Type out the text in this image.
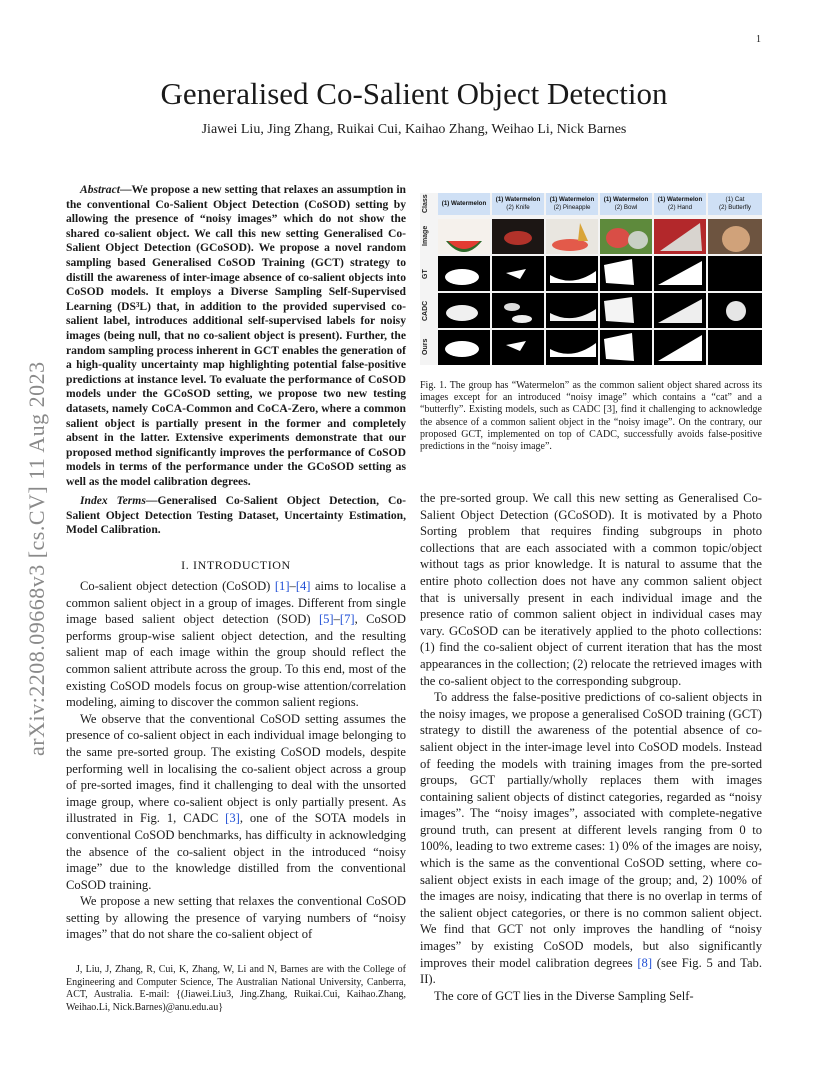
1
arXiv:2208.09668v3 [cs.CV] 11 Aug 2023
Generalised Co-Salient Object Detection
Jiawei Liu, Jing Zhang, Ruikai Cui, Kaihao Zhang, Weihao Li, Nick Barnes

Abstract—We propose a new setting that relaxes an assumption in the conventional Co-Salient Object Detection (CoSOD) setting by allowing the presence of “noisy images” which do not show the shared co-salient object. We call this new setting Generalised Co-Salient Object Detection (GCoSOD). We propose a novel random sampling based Generalised CoSOD Training (GCT) strategy to distill the awareness of inter-image absence of co-salient objects into CoSOD models. It employs a Diverse Sampling Self-Supervised Learning (DS³L) that, in addition to the provided supervised co-salient label, introduces additional self-supervised labels for noisy images (being null, that no co-salient object is present). Further, the random sampling process inherent in GCT enables the generation of a high-quality uncertainty map highlighting potential false-positive predictions at instance level. To evaluate the performance of CoSOD models under the GCoSOD setting, we propose two new testing datasets, namely CoCA-Common and CoCA-Zero, where a common salient object is partially present in the former and completely absent in the latter. Extensive experiments demonstrate that our proposed method significantly improves the performance of CoSOD models in terms of the performance under the GCoSOD setting as well as the model calibration degrees.

Index Terms—Generalised Co-Salient Object Detection, Co-Salient Object Detection Testing Dataset, Uncertainty Estimation, Model Calibration.

I. INTRODUCTION

Co-salient object detection (CoSOD) [1]–[4] aims to localise a common salient object in a group of images. Different from single image based salient object detection (SOD) [5]–[7], CoSOD performs group-wise salient object detection, and the resulting salient map of each image within the group should reflect the common salient attribute across the group. To this end, most of the existing CoSOD models focus on group-wise attention/correlation modeling, aiming to discover the common salient regions.

We observe that the conventional CoSOD setting assumes the presence of co-salient object in each individual image belonging to the same pre-sorted group. The existing CoSOD models, despite performing well in localising the co-salient object across a group of pre-sorted images, find it challenging to deal with the unsorted image group, where co-salient object is only partially present. As illustrated in Fig. 1, CADC [3], one of the SOTA models in conventional CoSOD benchmarks, has difficulty in acknowledging the absence of the co-salient object in the introduced “noisy image” due to the knowledge distilled from the conventional CoSOD training.

We propose a new setting that relaxes the conventional CoSOD setting by allowing the presence of varying numbers of “noisy images” that do not share the co-salient object of

J, Liu, J, Zhang, R, Cui, K, Zhang, W, Li and N, Barnes are with the College of Engineering and Computer Science, The Australian National University, Canberra, ACT, Australia. E-mail: {(Jiawei.Liu3, Jing.Zhang, Ruikai.Cui, Kaihao.Zhang, Weihao.Li, Nick.Barnes)@anu.edu.au}
Class
Image
GT
CADC
Ours
(1) Watermelon
(1) Watermelon
(2) Knife
(1) Watermelon
(2) Pineapple
(1) Watermelon
(2) Bowl
(1) Watermelon
(2) Hand
(1) Cat
(2) Butterfly
Fig. 1. The group has “Watermelon” as the common salient object shared across its images except for an introduced “noisy image” which contains a “cat” and a “butterfly”. Existing models, such as CADC [3], find it challenging to acknowledge the absence of a common salient object in the “noisy image”. On the contrary, our proposed GCT, implemented on top of CADC, successfully avoids false-positive predictions in the “noisy image”.

the pre-sorted group. We call this new setting as Generalised Co-Salient Object Detection (GCoSOD). It is motivated by a Photo Sorting problem that requires finding subgroups in photo collections that are each associated with a common topic/object without tags as prior knowledge. It is natural to assume that the entire photo collection does not have any common salient object that is universally present in each individual image and the presence ratio of common salient object in individual cases may vary. GCoSOD can be iteratively applied to the photo collections: (1) find the co-salient object of current iteration that has the most appearances in the collection; (2) relocate the retrieved images with the co-salient object to the corresponding subgroup.

To address the false-positive predictions of co-salient objects in the noisy images, we propose a generalised CoSOD training (GCT) strategy to distill the awareness of the potential absence of co-salient object in the inter-image level into CoSOD models. Instead of feeding the models with training images from the pre-sorted groups, GCT partially/wholly replaces them with images containing salient objects of distinct categories, regarded as “noisy images”. The “noisy images”, associated with complete-negative ground truth, can present at different levels ranging from 0 to 100%, leading to two extreme cases: 1) 0% of the images are noisy, which is the same as the conventional CoSOD setting, where co-salient object exists in each image of the group; and, 2) 100% of the images are noisy, indicating that there is no overlap in terms of the salient object categories, or there is no common salient object. We find that GCT not only improves the handling of “noisy images” by existing CoSOD models, but also significantly improves their model calibration degrees [8] (see Fig. 5 and Tab. II).

The core of GCT lies in the Diverse Sampling Self-
